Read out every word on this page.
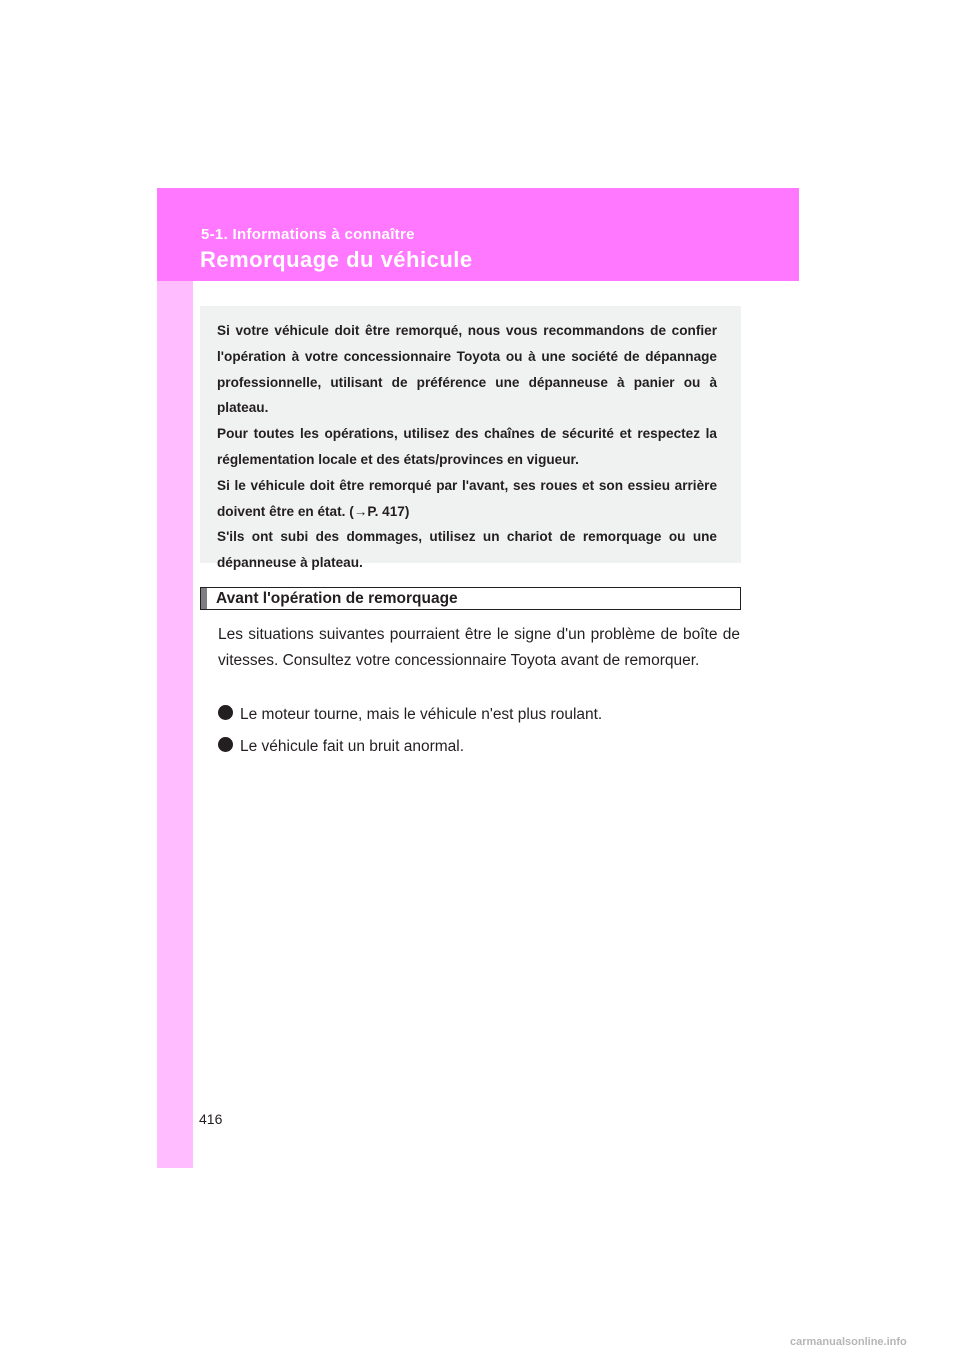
5-1. Informations à connaître
Remorquage du véhicule

Si votre véhicule doit être remorqué, nous vous recommandons de confier l'opération à votre concessionnaire Toyota ou à une société de dépannage professionnelle, utilisant de préférence une dépanneuse à panier ou à plateau.

Pour toutes les opérations, utilisez des chaînes de sécurité et respectez la réglementation locale et des états/provinces en vigueur.

Si le véhicule doit être remorqué par l'avant, ses roues et son essieu arrière doivent être en état. (→P. 417)

S'ils ont subi des dommages, utilisez un chariot de remorquage ou une dépanneuse à plateau.

Avant l'opération de remorquage

Les situations suivantes pourraient être le signe d'un problème de boîte de vitesses. Consultez votre concessionnaire Toyota avant de remorquer.

Le moteur tourne, mais le véhicule n'est plus roulant.
Le véhicule fait un bruit anormal.
416
carmanualsonline.info
